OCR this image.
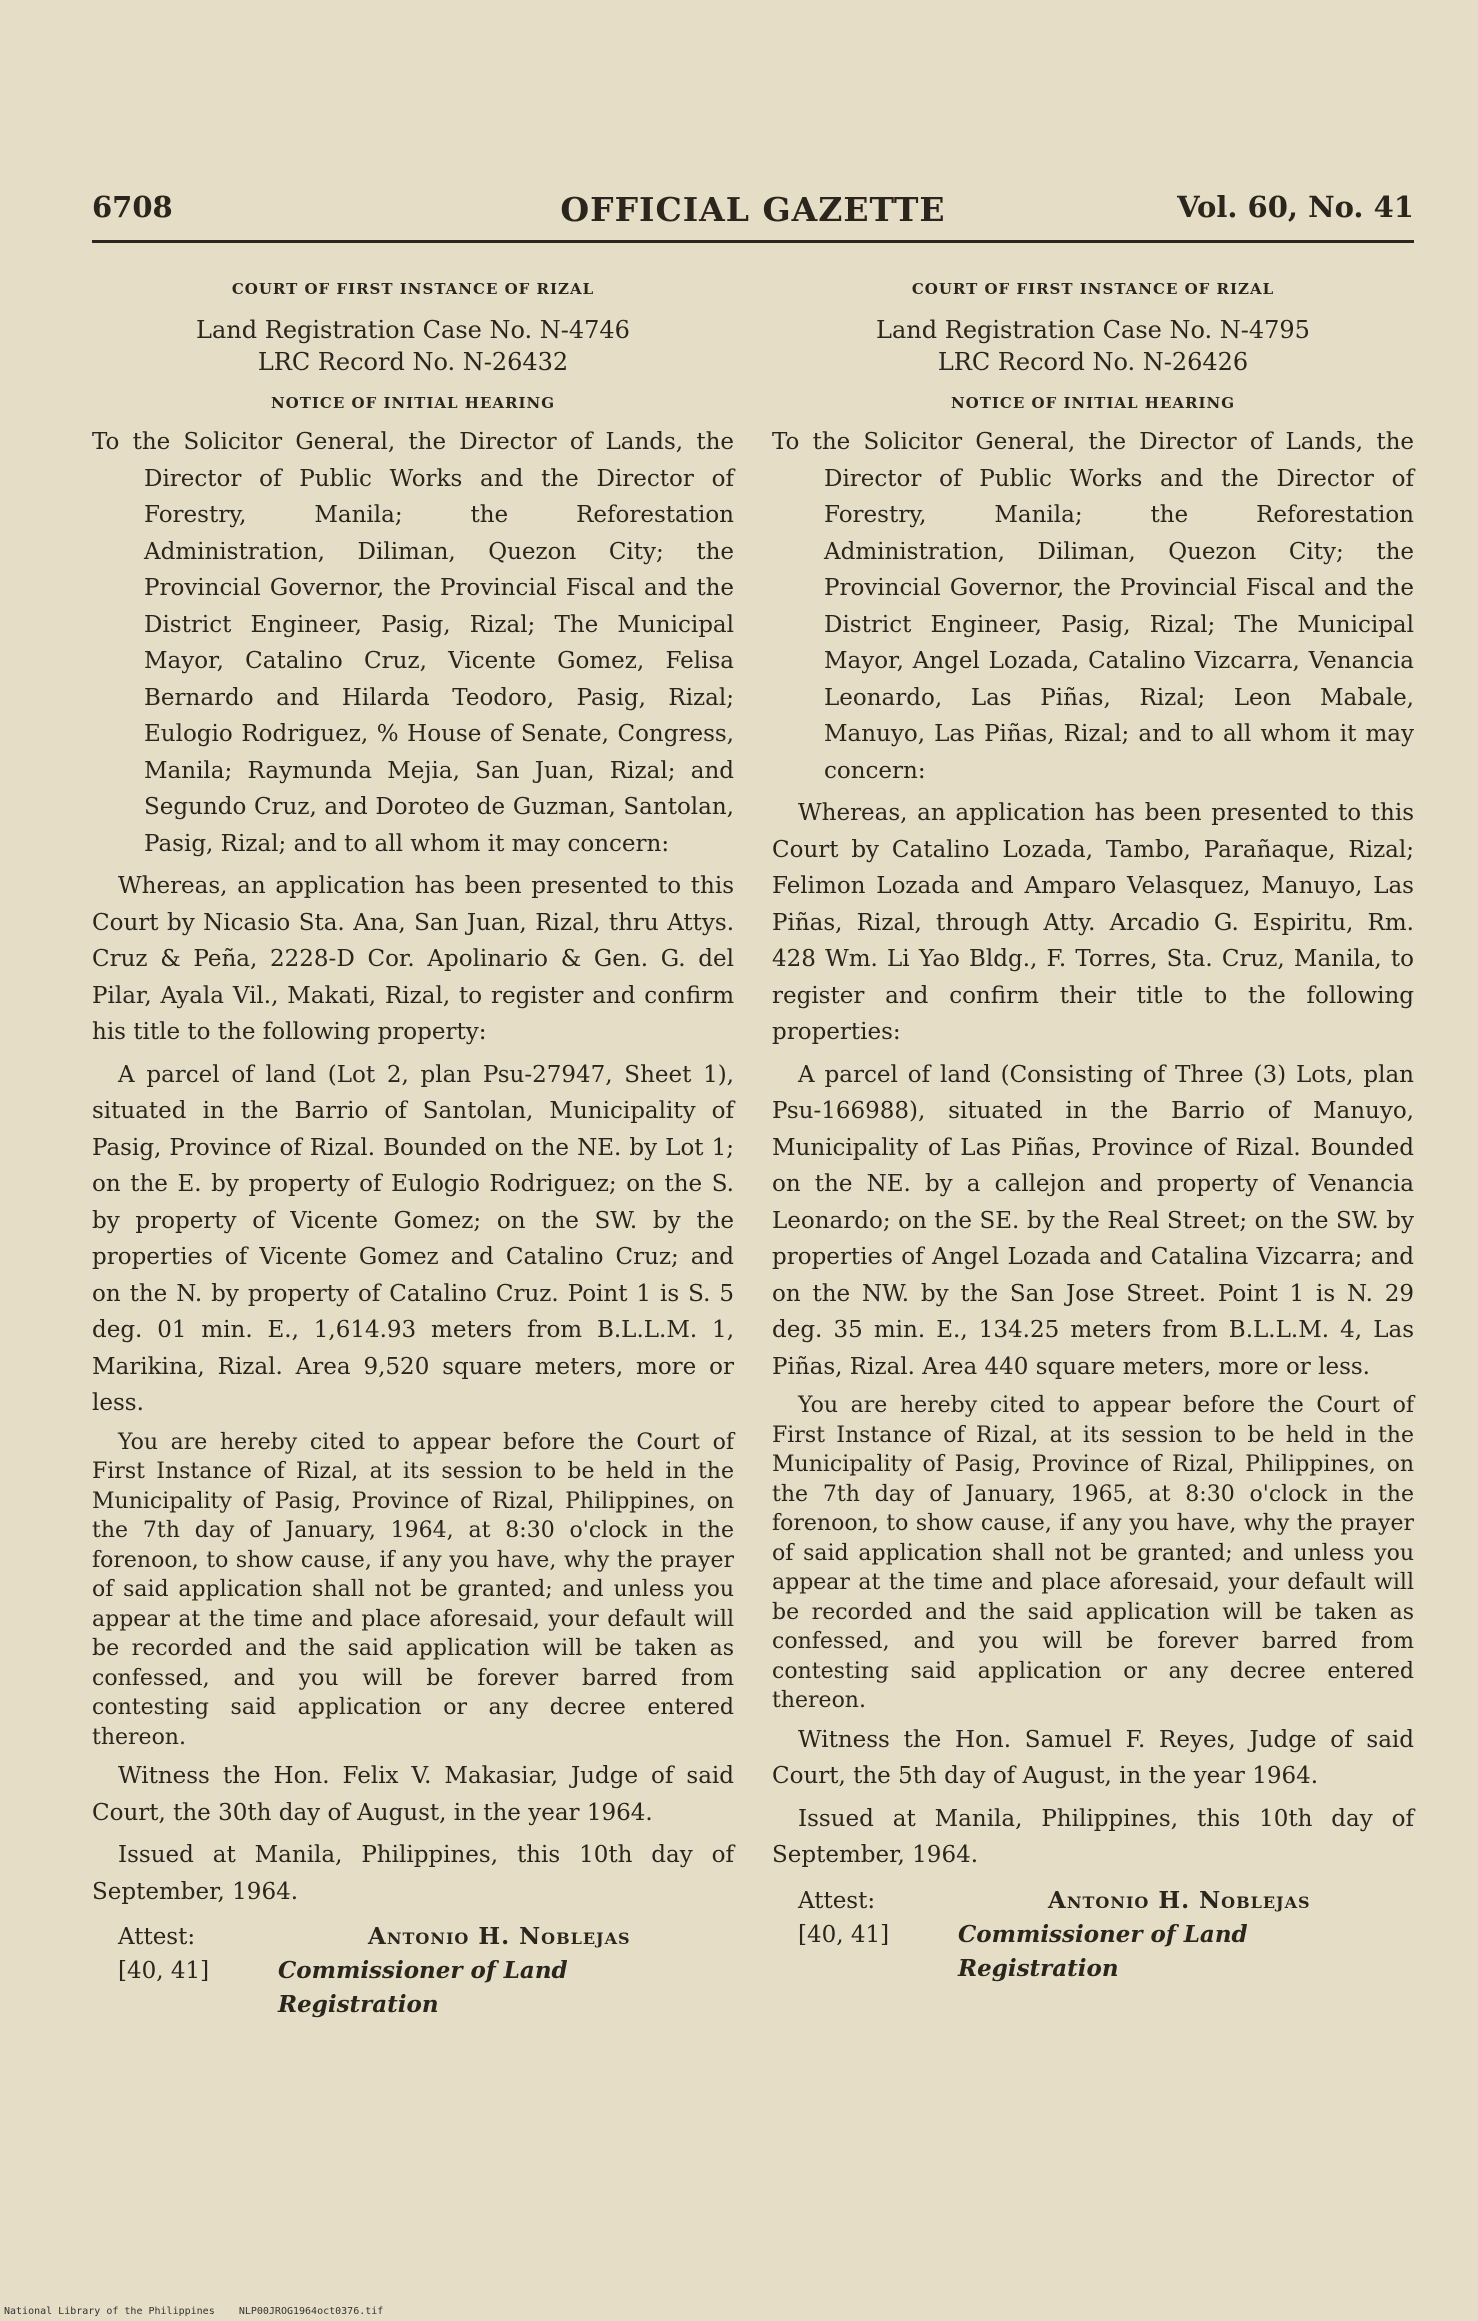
6708	OFFICIAL GAZETTE	Vol. 60, No. 41
COURT OF FIRST INSTANCE OF RIZAL
Land Registration Case No. N-4746
LRC Record No. N-26432
NOTICE OF INITIAL HEARING

To the Solicitor General, the Director of Lands, the Director of Public Works and the Director of Forestry, Manila; the Reforestation Administration, Diliman, Quezon City; the Provincial Governor, the Provincial Fiscal and the District Engineer, Pasig, Rizal; The Municipal Mayor, Catalino Cruz, Vicente Gomez, Felisa Bernardo and Hilarda Teodoro, Pasig, Rizal; Eulogio Rodriguez, % House of Senate, Congress, Manila; Raymunda Mejia, San Juan, Rizal; and Segundo Cruz, and Doroteo de Guzman, Santolan, Pasig, Rizal; and to all whom it may concern:

Whereas, an application has been presented to this Court by Nicasio Sta. Ana, San Juan, Rizal, thru Attys. Cruz & Peña, 2228-D Cor. Apolinario & Gen. G. del Pilar, Ayala Vil., Makati, Rizal, to register and confirm his title to the following property:

A parcel of land (Lot 2, plan Psu-27947, Sheet 1), situated in the Barrio of Santolan, Municipality of Pasig, Province of Rizal. Bounded on the NE. by Lot 1; on the E. by property of Eulogio Rodriguez; on the S. by property of Vicente Gomez; on the SW. by the properties of Vicente Gomez and Catalino Cruz; and on the N. by property of Catalino Cruz. Point 1 is S. 5 deg. 01 min. E., 1,614.93 meters from B.L.L.M. 1, Marikina, Rizal. Area 9,520 square meters, more or less.

You are hereby cited to appear before the Court of First Instance of Rizal, at its session to be held in the Municipality of Pasig, Province of Rizal, Philippines, on the 7th day of January, 1964, at 8:30 o'clock in the forenoon, to show cause, if any you have, why the prayer of said application shall not be granted; and unless you appear at the time and place aforesaid, your default will be recorded and the said application will be taken as confessed, and you will be forever barred from contesting said application or any decree entered thereon.

Witness the Hon. Felix V. Makasiar, Judge of said Court, the 30th day of August, in the year 1964.

Issued at Manila, Philippines, this 10th day of September, 1964.

Attest:	Antonio H. Noblejas
[40, 41]	Commissioner of Land Registration
COURT OF FIRST INSTANCE OF RIZAL
Land Registration Case No. N-4795
LRC Record No. N-26426
NOTICE OF INITIAL HEARING

To the Solicitor General, the Director of Lands, the Director of Public Works and the Director of Forestry, Manila; the Reforestation Administration, Diliman, Quezon City; the Provincial Governor, the Provincial Fiscal and the District Engineer, Pasig, Rizal; The Municipal Mayor, Angel Lozada, Catalino Vizcarra, Venancia Leonardo, Las Piñas, Rizal; Leon Mabale, Manuyo, Las Piñas, Rizal; and to all whom it may concern:

Whereas, an application has been presented to this Court by Catalino Lozada, Tambo, Parañaque, Rizal; Felimon Lozada and Amparo Velasquez, Manuyo, Las Piñas, Rizal, through Atty. Arcadio G. Espiritu, Rm. 428 Wm. Li Yao Bldg., F. Torres, Sta. Cruz, Manila, to register and confirm their title to the following properties:

A parcel of land (Consisting of Three (3) Lots, plan Psu-166988), situated in the Barrio of Manuyo, Municipality of Las Piñas, Province of Rizal. Bounded on the NE. by a callejon and property of Venancia Leonardo; on the SE. by the Real Street; on the SW. by properties of Angel Lozada and Catalina Vizcarra; and on the NW. by the San Jose Street. Point 1 is N. 29 deg. 35 min. E., 134.25 meters from B.L.L.M. 4, Las Piñas, Rizal. Area 440 square meters, more or less.

You are hereby cited to appear before the Court of First Instance of Rizal, at its session to be held in the Municipality of Pasig, Province of Rizal, Philippines, on the 7th day of January, 1965, at 8:30 o'clock in the forenoon, to show cause, if any you have, why the prayer of said application shall not be granted; and unless you appear at the time and place aforesaid, your default will be recorded and the said application will be taken as confessed, and you will be forever barred from contesting said application or any decree entered thereon.

Witness the Hon. Samuel F. Reyes, Judge of said Court, the 5th day of August, in the year 1964.

Issued at Manila, Philippines, this 10th day of September, 1964.

Attest:	Antonio H. Noblejas
[40, 41]	Commissioner of Land Registration
National Library of the Philippines NLP00JROG1964oct0376.tif
